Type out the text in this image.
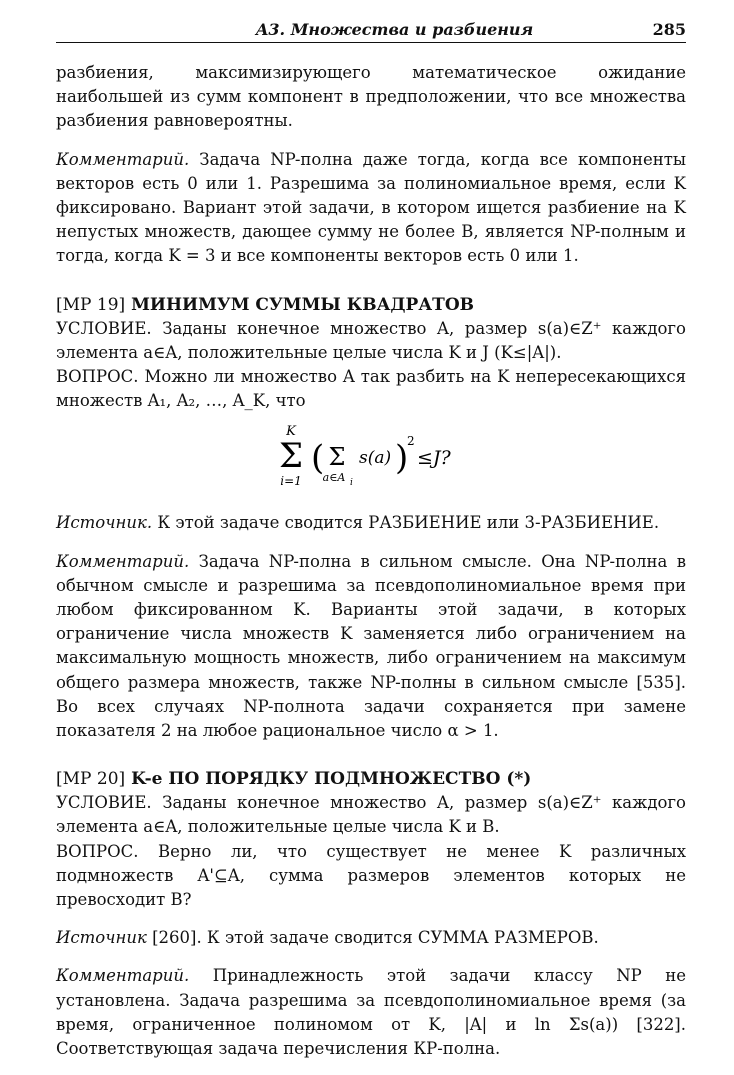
A3. Множества и разбиения	285

разбиения, максимизирующего математическое ожидание наибольшей из сумм компонент в предположении, что все множества разбиения равновероятны.

Комментарий. Задача NP-полна даже тогда, когда все компоненты векторов есть 0 или 1. Разрешима за полиномиальное время, если K фиксировано. Вариант этой задачи, в котором ищется разбиение на K непустых множеств, дающее сумму не более B, является NP-полным и тогда, когда K = 3 и все компоненты векторов есть 0 или 1.

[MP 19] МИНИМУМ СУММЫ КВАДРАТОВ

УСЛОВИЕ. Заданы конечное множество A, размер s(a)∈Z⁺ каждого элемента a∈A, положительные целые числа K и J (K≤|A|).

ВОПРОС. Можно ли множество A так разбить на K непересекающихся множеств A₁, A₂, …, A_K, что

K
Σ
i=1
( Σ
a∈A i
s(a) )
2
≤J?

Источник. К этой задаче сводится РАЗБИЕНИЕ или 3-РАЗБИЕНИЕ.

Комментарий. Задача NP-полна в сильном смысле. Она NP-полна в обычном смысле и разрешима за псевдополиномиальное время при любом фиксированном K. Варианты этой задачи, в которых ограничение числа множеств K заменяется либо ограничением на максимальную мощность множеств, либо ограничением на максимум общего размера множеств, также NP-полны в сильном смысле [535]. Во всех случаях NP-полнота задачи сохраняется при замене показателя 2 на любое рациональное число α > 1.

[MP 20] K-е ПО ПОРЯДКУ ПОДМНОЖЕСТВО (*)

УСЛОВИЕ. Заданы конечное множество A, размер s(a)∈Z⁺ каждого элемента a∈A, положительные целые числа K и B.

ВОПРОС. Верно ли, что существует не менее K различных подмножеств A'⊆A, сумма размеров элементов которых не превосходит B?

Источник [260]. К этой задаче сводится СУММА РАЗМЕРОВ.

Комментарий. Принадлежность этой задачи классу NP не установлена. Задача разрешима за псевдополиномиальное время (за время, ограниченное полиномом от K, |A| и ln Σs(a)) [322]. Соответствующая задача перечисления КР-полна.
